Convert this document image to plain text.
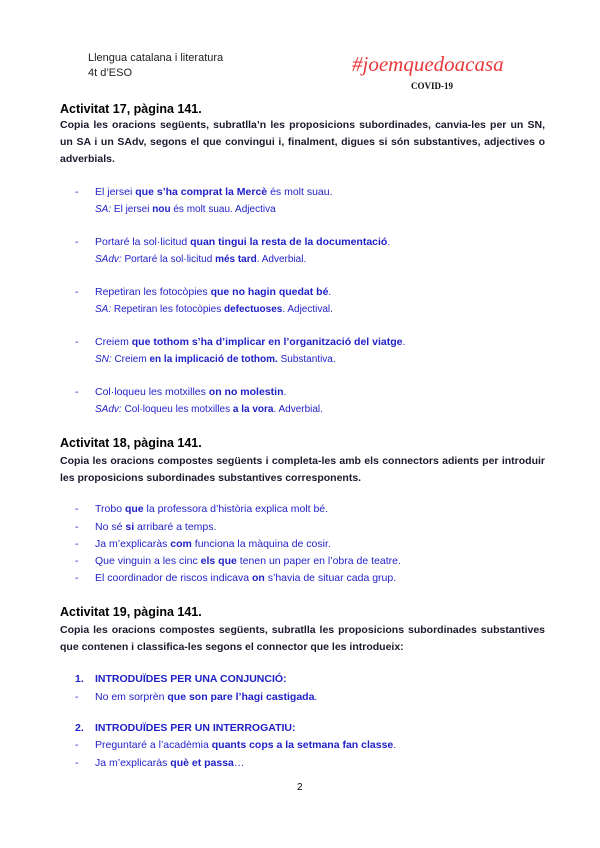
Llengua catalana i literatura
4t d’ESO	#joemquedoacasa
COVID-19
Activitat 17, pàgina 141.
Copia les oracions següents, subratlla’n les proposicions subordinades, canvia-les per un SN, un SA i un SAdv, segons el que convingui i, finalment, digues si són substantives, adjectives o adverbials.
- El jersei que s’ha comprat la Mercè és molt suau.
SA: El jersei nou és molt suau. Adjectiva
- Portaré la sol·licitud quan tingui la resta de la documentació.
SAdv: Portaré la sol·licitud més tard. Adverbial.
- Repetiran les fotocòpies que no hagin quedat bé.
SA: Repetiran les fotocòpies defectuoses. Adjectival.
- Creiem que tothom s’ha d’implicar en l’organització del viatge.
SN: Creiem en la implicació de tothom. Substantiva.
- Col·loqueu les motxilles on no molestin.
SAdv: Col·loqueu les motxilles a la vora. Adverbial.
Activitat 18, pàgina 141.
Copia les oracions compostes següents i completa-les amb els connectors adients per introduir les proposicions subordinades substantives corresponents.
- Trobo que la professora d’història explica molt bé.
- No sé si arribaré a temps.
- Ja m’explicaràs com funciona la màquina de cosir.
- Que vinguin a les cinc els que tenen un paper en l’obra de teatre.
- El coordinador de riscos indicava on s’havia de situar cada grup.
Activitat 19, pàgina 141.
Copia les oracions compostes següents, subratlla les proposicions subordinades substantives que contenen i classifica-les segons el connector que les introdueix:
1. INTRODUÏDES PER UNA CONJUNCIÓ:
- No em sorprèn que son pare l’hagi castigada.
2. INTRODUÏDES PER UN INTERROGATIU:
- Preguntaré a l’acadèmia quants cops a la setmana fan classe.
- Ja m’explicaràs què et passa…
2
